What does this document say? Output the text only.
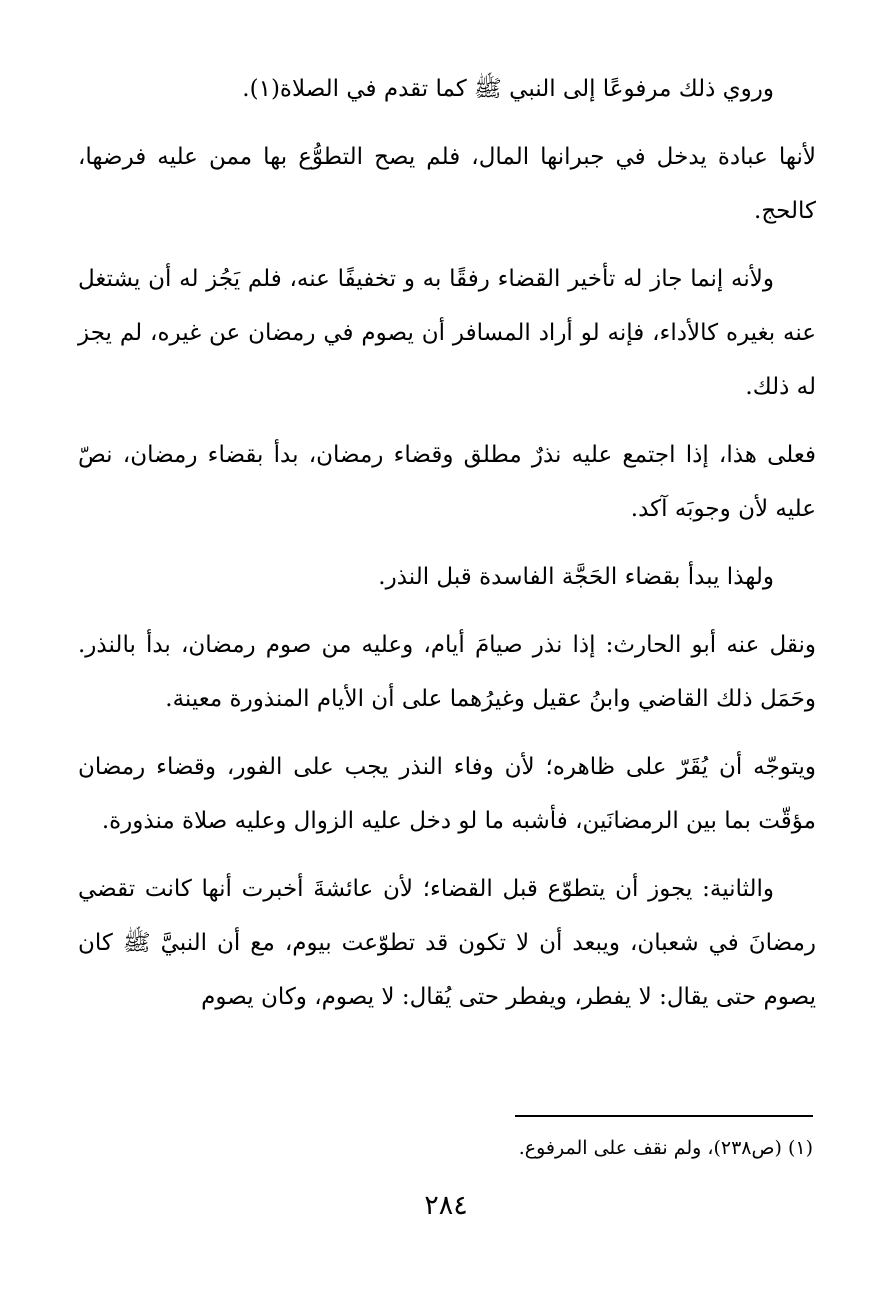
وروي ذلك مرفوعًا إلى النبي ﷺ كما تقدم في الصلاة(١).

لأنها عبادة يدخل في جبرانها المال، فلم يصح التطوُّع بها ممن عليه فرضها، كالحج.

ولأنه إنما جاز له تأخير القضاء رفقًا به و تخفيفًا عنه، فلم يَجُز له أن يشتغل عنه بغيره كالأداء، فإنه لو أراد المسافر أن يصوم في رمضان عن غيره، لم يجز له ذلك.

فعلى هذا، إذا اجتمع عليه نذرٌ مطلق وقضاء رمضان، بدأ بقضاء رمضان، نصّ عليه لأن وجوبَه آكد.

ولهذا يبدأ بقضاء الحَجَّة الفاسدة قبل النذر.

ونقل عنه أبو الحارث: إذا نذر صيامَ أيام، وعليه من صوم رمضان، بدأ بالنذر. وحَمَل ذلك القاضي وابنُ عقيل وغيرُهما على أن الأيام المنذورة معينة.

ويتوجّه أن يُقَرّ على ظاهره؛ لأن وفاء النذر يجب على الفور، وقضاء رمضان مؤقّت بما بين الرمضانَين، فأشبه ما لو دخل عليه الزوال وعليه صلاة منذورة.

والثانية: يجوز أن يتطوّع قبل القضاء؛ لأن عائشةَ أخبرت أنها كانت تقضي رمضانَ في شعبان، ويبعد أن لا تكون قد تطوّعت بيوم، مع أن النبيَّ ﷺ كان يصوم حتى يقال: لا يفطر، ويفطر حتى يُقال: لا يصوم، وكان يصوم

(١) (ص٢٣٨)، ولم نقف على المرفوع.
٢٨٤
